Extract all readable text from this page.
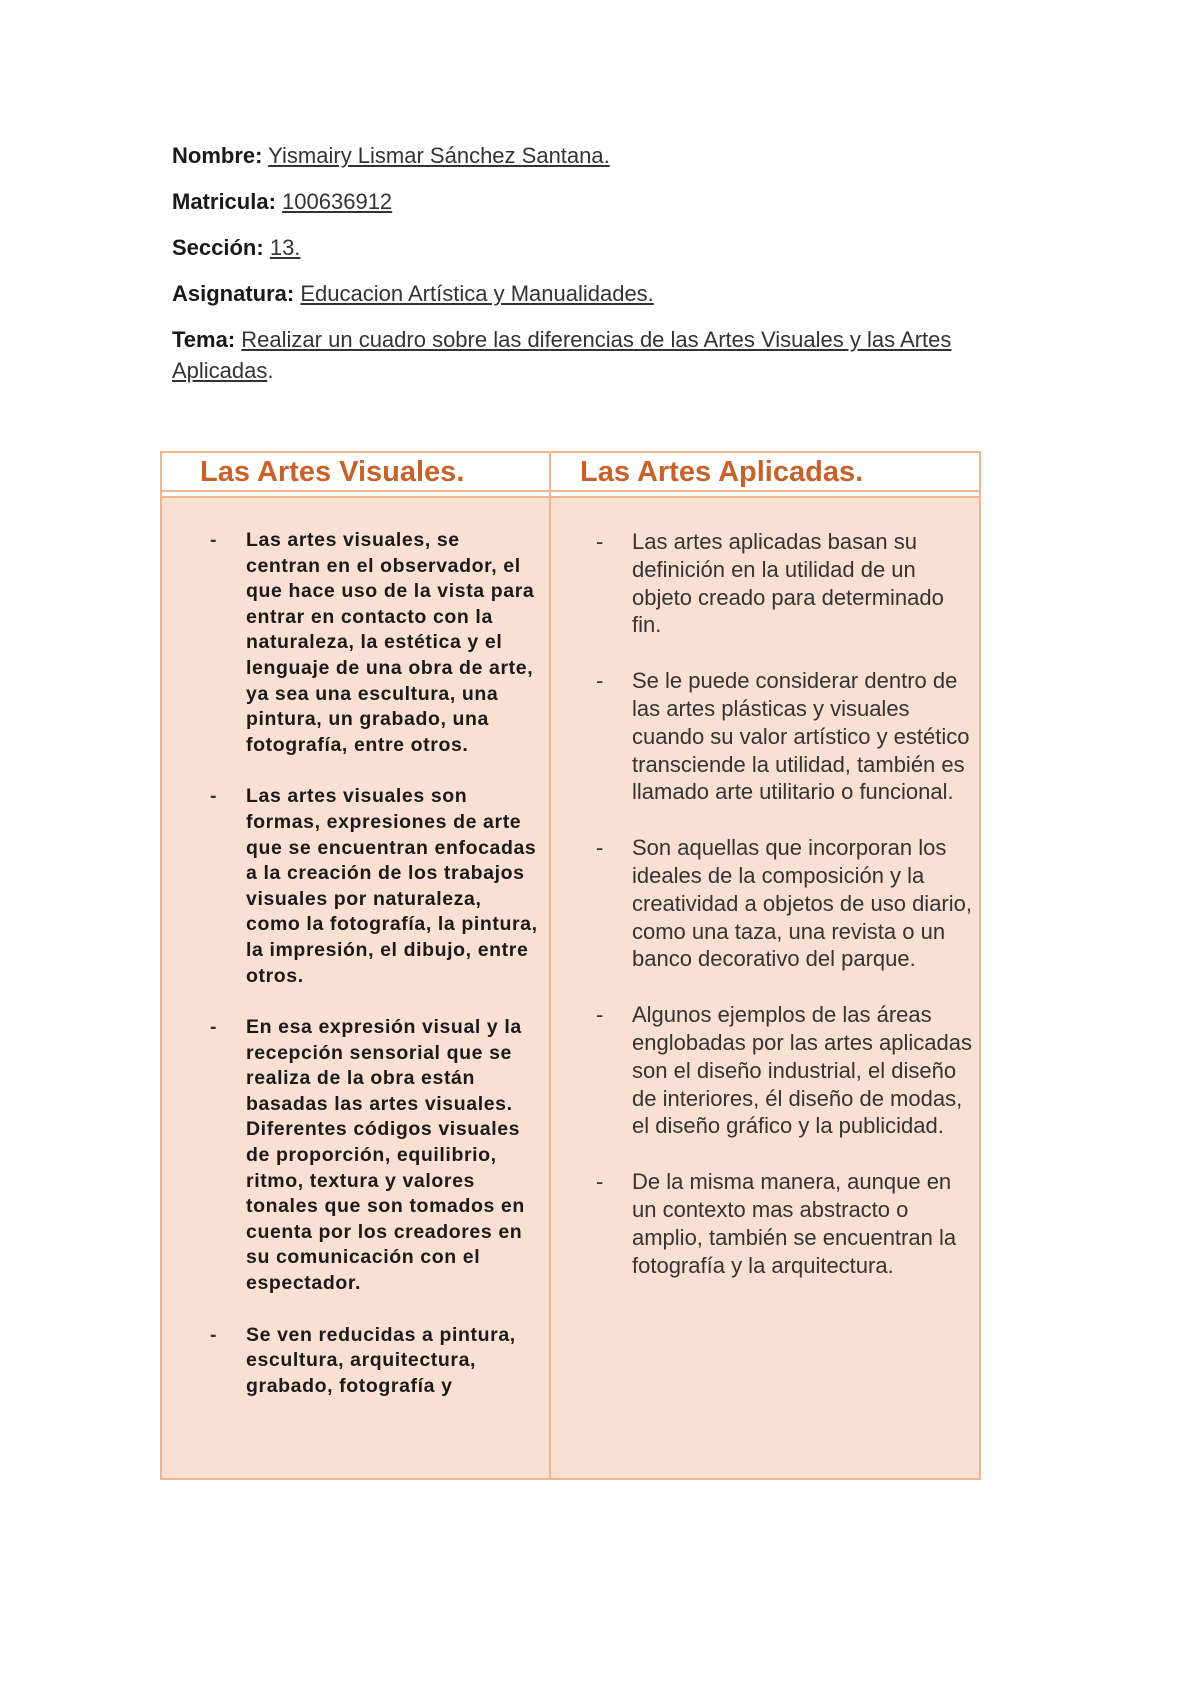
Nombre: Yismairy Lismar Sánchez Santana.
Matricula: 100636912
Sección: 13.
Asignatura: Educacion Artística y Manualidades.
Tema: Realizar un cuadro sobre las diferencias de las Artes Visuales y las Artes Aplicadas.
Las Artes Visuales.	Las Artes Aplicadas.
- Las artes visuales, se centran en el observador, el que hace uso de la vista para entrar en contacto con la naturaleza, la estética y el lenguaje de una obra de arte, ya sea una escultura, una pintura, un grabado, una fotografía, entre otros.
- Las artes visuales son formas, expresiones de arte que se encuentran enfocadas a la creación de los trabajos visuales por naturaleza, como la fotografía, la pintura, la impresión, el dibujo, entre otros.
- En esa expresión visual y la recepción sensorial que se realiza de la obra están basadas las artes visuales. Diferentes códigos visuales de proporción, equilibrio, ritmo, textura y valores tonales que son tomados en cuenta por los creadores en su comunicación con el espectador.
- Se ven reducidas a pintura, escultura, arquitectura, grabado, fotografía y
- Las artes aplicadas basan su definición en la utilidad de un objeto creado para determinado fin.
- Se le puede considerar dentro de las artes plásticas y visuales cuando su valor artístico y estético transciende la utilidad, también es llamado arte utilitario o funcional.
- Son aquellas que incorporan los ideales de la composición y la creatividad a objetos de uso diario, como una taza, una revista o un banco decorativo del parque.
- Algunos ejemplos de las áreas englobadas por las artes aplicadas son el diseño industrial, el diseño de interiores, él diseño de modas, el diseño gráfico y la publicidad.
- De la misma manera, aunque en un contexto mas abstracto o amplio, también se encuentran la fotografía y la arquitectura.
